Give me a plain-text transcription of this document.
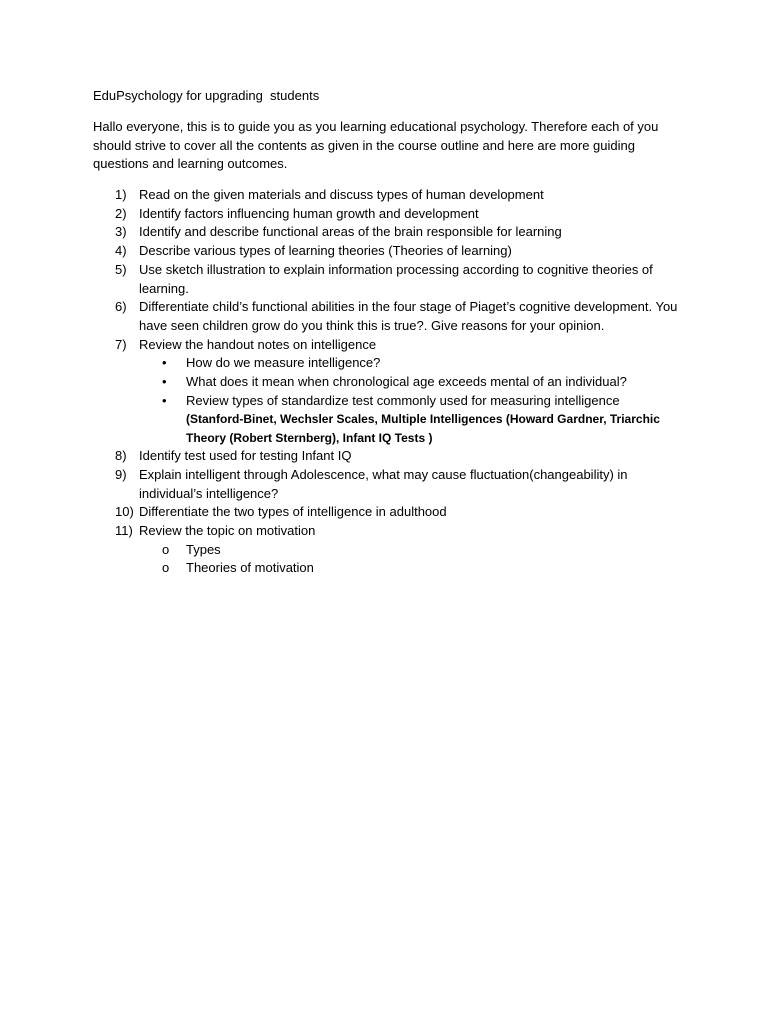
EduPsychology for upgrading  students
Hallo everyone, this is to guide you as you learning educational psychology. Therefore each of you should strive to cover all the contents as given in the course outline and here are more guiding questions and learning outcomes.
1) Read on the given materials and discuss types of human development
2) Identify factors influencing human growth and development
3) Identify and describe functional areas of the brain responsible for learning
4) Describe various types of learning theories (Theories of learning)
5) Use sketch illustration to explain information processing according to cognitive theories of learning.
6) Differentiate child’s functional abilities in the four stage of Piaget’s cognitive development. You have seen children grow do you think this is true?. Give reasons for your opinion.
7) Review the handout notes on intelligence
• How do we measure intelligence?
• What does it mean when chronological age exceeds mental of an individual?
• Review types of standardize test commonly used for measuring intelligence
(Stanford-Binet, Wechsler Scales, Multiple Intelligences (Howard Gardner, Triarchic Theory (Robert Sternberg), Infant IQ Tests )
8) Identify test used for testing Infant IQ
9) Explain intelligent through Adolescence, what may cause fluctuation(changeability) in individual’s intelligence?
10) Differentiate the two types of intelligence in adulthood
11) Review the topic on motivation
o Types
o Theories of motivation
